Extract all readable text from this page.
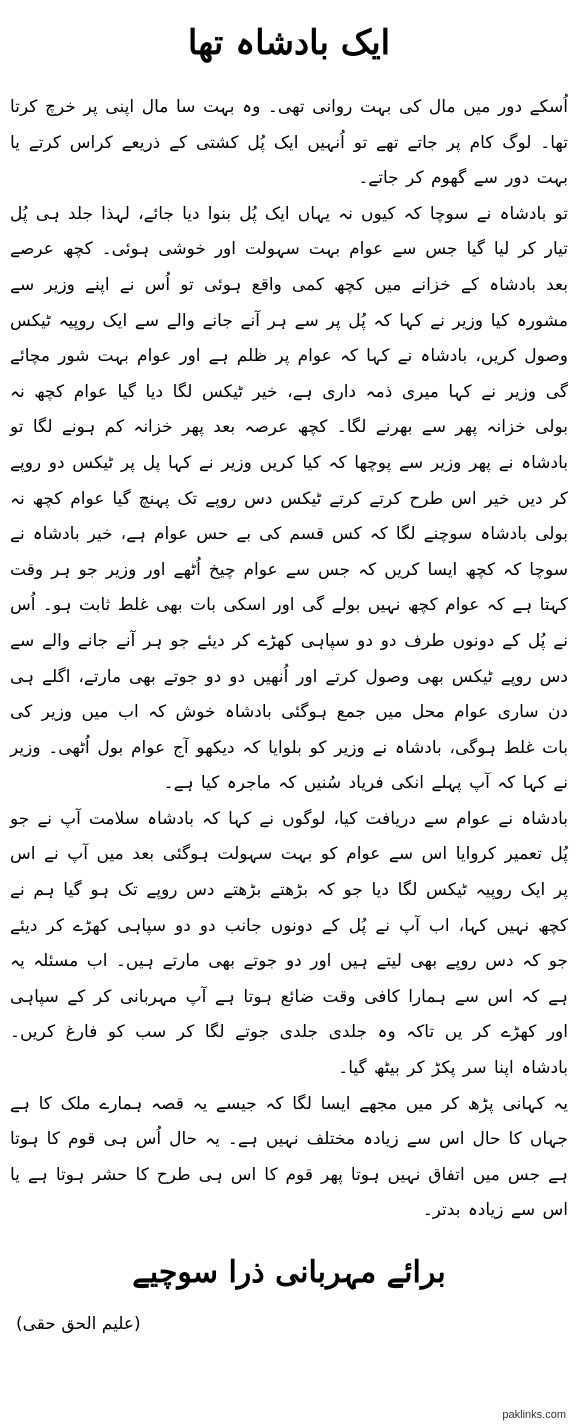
ایک بادشاہ تھا

اُسکے دور میں مال کی بہت روانی تھی۔ وہ بہت سا مال اپنی پر خرچ کرتا تھا۔ لوگ کام پر جاتے تھے تو اُنہیں ایک پُل کشتی کے ذریعے کراس کرتے یا بہت دور سے گھوم کر جاتے۔

تو بادشاہ نے سوچا کہ کیوں نہ یہاں ایک پُل بنوا دیا جائے، لہذا جلد ہی پُل تیار کر لیا گیا جس سے عوام بہت سہولت اور خوشی ہوئی۔ کچھ عرصے بعد بادشاہ کے خزانے میں کچھ کمی واقع ہوئی تو اُس نے اپنے وزیر سے مشورہ کیا وزیر نے کہا کہ پُل پر سے ہر آنے جانے والے سے ایک روپیہ ٹیکس وصول کریں، بادشاہ نے کہا کہ عوام پر ظلم ہے اور عوام بہت شور مچائے گی وزیر نے کہا میری ذمہ داری ہے، خیر ٹیکس لگا دیا گیا عوام کچھ نہ بولی خزانہ پھر سے بھرنے لگا۔ کچھ عرصہ بعد پھر خزانہ کم ہونے لگا تو بادشاہ نے پھر وزیر سے پوچھا کہ کیا کریں وزیر نے کہا پل پر ٹیکس دو روپے کر دیں خیر اس طرح کرتے کرتے ٹیکس دس روپے تک پہنچ گیا عوام کچھ نہ بولی بادشاہ سوچنے لگا کہ کس قسم کی بے حس عوام ہے، خیر بادشاہ نے سوچا کہ کچھ ایسا کریں کہ جس سے عوام چیخ اُٹھے اور وزیر جو ہر وقت کہتا ہے کہ عوام کچھ نہیں بولے گی اور اسکی بات بھی غلط ثابت ہو۔ اُس نے پُل کے دونوں طرف دو دو سپاہی کھڑے کر دیئے جو ہر آنے جانے والے سے دس روپے ٹیکس بھی وصول کرتے اور اُنھیں دو دو جوتے بھی مارتے، اگلے ہی دن ساری عوام محل میں جمع ہوگئی بادشاہ خوش کہ اب میں وزیر کی بات غلط ہوگی، بادشاہ نے وزیر کو بلوایا کہ دیکھو آج عوام بول اُٹھی۔ وزیر نے کہا کہ آپ پہلے انکی فریاد سُنیں کہ ماجرہ کیا ہے۔

بادشاہ نے عوام سے دریافت کیا، لوگوں نے کہا کہ بادشاہ سلامت آپ نے جو پُل تعمیر کروایا اس سے عوام کو بہت سہولت ہوگئی بعد میں آپ نے اس پر ایک روپیہ ٹیکس لگا دیا جو کہ بڑھتے بڑھتے دس روپے تک ہو گیا ہم نے کچھ نہیں کہا، اب آپ نے پُل کے دونوں جانب دو دو سپاہی کھڑے کر دیئے جو کہ دس روپے بھی لیتے ہیں اور دو جوتے بھی مارتے ہیں۔ اب مسئلہ یہ ہے کہ اس سے ہمارا کافی وقت ضائع ہوتا ہے آپ مہربانی کر کے سپاہی اور کھڑے کر یں تاکہ وہ جلدی جلدی جوتے لگا کر سب کو فارغ کریں۔ بادشاہ اپنا سر پکڑ کر بیٹھ گیا۔

یہ کہانی پڑھ کر میں مجھے ایسا لگا کہ جیسے یہ قصہ ہمارے ملک کا ہے جہاں کا حال اس سے زیادہ مختلف نہیں ہے۔ یہ حال اُس ہی قوم کا ہوتا ہے جس میں اتفاق نہیں ہوتا پھر قوم کا اس ہی طرح کا حشر ہوتا ہے یا اس سے زیادہ بدتر۔

برائے مہربانی ذرا سوچیے
(علیم الحق حقی)
paklinks.com
